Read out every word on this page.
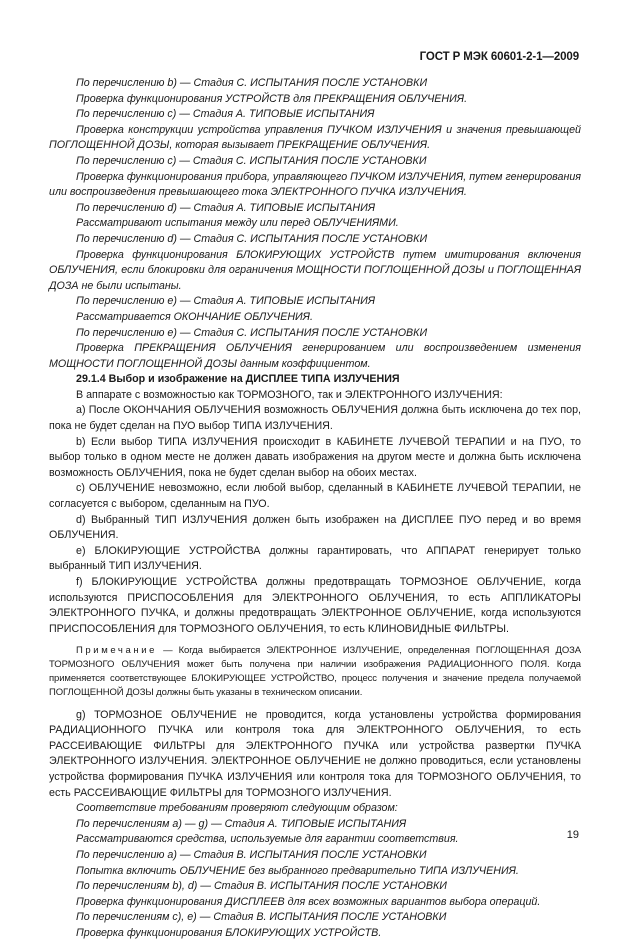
ГОСТ Р МЭК 60601-2-1—2009

По перечислению b) — Стадия С. ИСПЫТАНИЯ ПОСЛЕ УСТАНОВКИ

Проверка функционирования УСТРОЙСТВ для ПРЕКРАЩЕНИЯ ОБЛУЧЕНИЯ.

По перечислению c) — Стадия А. ТИПОВЫЕ ИСПЫТАНИЯ

Проверка конструкции устройства управления ПУЧКОМ ИЗЛУЧЕНИЯ и значения превышающей ПОГЛОЩЕННОЙ ДОЗЫ, которая вызывает ПРЕКРАЩЕНИЕ ОБЛУЧЕНИЯ.

По перечислению c) — Стадия С. ИСПЫТАНИЯ ПОСЛЕ УСТАНОВКИ

Проверка функционирования прибора, управляющего ПУЧКОМ ИЗЛУЧЕНИЯ, путем генерирования или воспроизведения превышающего тока ЭЛЕКТРОННОГО ПУЧКА ИЗЛУЧЕНИЯ.

По перечислению d) — Стадия А. ТИПОВЫЕ ИСПЫТАНИЯ

Рассматривают испытания между или перед ОБЛУЧЕНИЯМИ.

По перечислению d) — Стадия С. ИСПЫТАНИЯ ПОСЛЕ УСТАНОВКИ

Проверка функционирования БЛОКИРУЮЩИХ УСТРОЙСТВ путем имитирования включения ОБЛУЧЕНИЯ, если блокировки для ограничения МОЩНОСТИ ПОГЛОЩЕННОЙ ДОЗЫ и ПОГЛОЩЕННАЯ ДОЗА не были испытаны.

По перечислению e) — Стадия А. ТИПОВЫЕ ИСПЫТАНИЯ

Рассматривается ОКОНЧАНИЕ ОБЛУЧЕНИЯ.

По перечислению e) — Стадия С. ИСПЫТАНИЯ ПОСЛЕ УСТАНОВКИ

Проверка ПРЕКРАЩЕНИЯ ОБЛУЧЕНИЯ генерированием или воспроизведением изменения МОЩНОСТИ ПОГЛОЩЕННОЙ ДОЗЫ данным коэффициентом.

29.1.4 Выбор и изображение на ДИСПЛЕЕ ТИПА ИЗЛУЧЕНИЯ

В аппарате с возможностью как ТОРМОЗНОГО, так и ЭЛЕКТРОННОГО ИЗЛУЧЕНИЯ:

a) После ОКОНЧАНИЯ ОБЛУЧЕНИЯ возможность ОБЛУЧЕНИЯ должна быть исключена до тех пор, пока не будет сделан на ПУО выбор ТИПА ИЗЛУЧЕНИЯ.

b) Если выбор ТИПА ИЗЛУЧЕНИЯ происходит в КАБИНЕТЕ ЛУЧЕВОЙ ТЕРАПИИ и на ПУО, то выбор только в одном месте не должен давать изображения на другом месте и должна быть исключена возможность ОБЛУЧЕНИЯ, пока не будет сделан выбор на обоих местах.

c) ОБЛУЧЕНИЕ невозможно, если любой выбор, сделанный в КАБИНЕТЕ ЛУЧЕВОЙ ТЕРАПИИ, не согласуется с выбором, сделанным на ПУО.

d) Выбранный ТИП ИЗЛУЧЕНИЯ должен быть изображен на ДИСПЛЕЕ ПУО перед и во время ОБЛУЧЕНИЯ.

e) БЛОКИРУЮЩИЕ УСТРОЙСТВА должны гарантировать, что АППАРАТ генерирует только выбранный ТИП ИЗЛУЧЕНИЯ.

f) БЛОКИРУЮЩИЕ УСТРОЙСТВА должны предотвращать ТОРМОЗНОЕ ОБЛУЧЕНИЕ, когда используются ПРИСПОСОБЛЕНИЯ для ЭЛЕКТРОННОГО ОБЛУЧЕНИЯ, то есть АППЛИКАТОРЫ ЭЛЕКТРОННОГО ПУЧКА, и должны предотвращать ЭЛЕКТРОННОЕ ОБЛУЧЕНИЕ, когда используются ПРИСПОСОБЛЕНИЯ для ТОРМОЗНОГО ОБЛУЧЕНИЯ, то есть КЛИНОВИДНЫЕ ФИЛЬТРЫ.

Примечание — Когда выбирается ЭЛЕКТРОННОЕ ИЗЛУЧЕНИЕ, определенная ПОГЛОЩЕННАЯ ДОЗА ТОРМОЗНОГО ОБЛУЧЕНИЯ может быть получена при наличии изображения РАДИАЦИОННОГО ПОЛЯ. Когда применяется соответствующее БЛОКИРУЮЩЕЕ УСТРОЙСТВО, процесс получения и значение предела получаемой ПОГЛОЩЕННОЙ ДОЗЫ должны быть указаны в техническом описании.

g) ТОРМОЗНОЕ ОБЛУЧЕНИЕ не проводится, когда установлены устройства формирования РАДИАЦИОННОГО ПУЧКА или контроля тока для ЭЛЕКТРОННОГО ОБЛУЧЕНИЯ, то есть РАССЕИВАЮЩИЕ ФИЛЬТРЫ для ЭЛЕКТРОННОГО ПУЧКА или устройства развертки ПУЧКА ЭЛЕКТРОННОГО ИЗЛУЧЕНИЯ. ЭЛЕКТРОННОЕ ОБЛУЧЕНИЕ не должно проводиться, если установлены устройства формирования ПУЧКА ИЗЛУЧЕНИЯ или контроля тока для ТОРМОЗНОГО ОБЛУЧЕНИЯ, то есть РАССЕИВАЮЩИЕ ФИЛЬТРЫ для ТОРМОЗНОГО ИЗЛУЧЕНИЯ.

Соответствие требованиям проверяют следующим образом:

По перечислениям a) — g) — Стадия А. ТИПОВЫЕ ИСПЫТАНИЯ

Рассматриваются средства, используемые для гарантии соответствия.

По перечислению a) — Стадия В. ИСПЫТАНИЯ ПОСЛЕ УСТАНОВКИ

Попытка включить ОБЛУЧЕНИЕ без выбранного предварительно ТИПА ИЗЛУЧЕНИЯ.

По перечислениям b), d) — Стадия В. ИСПЫТАНИЯ ПОСЛЕ УСТАНОВКИ

Проверка функционирования ДИСПЛЕЕВ для всех возможных вариантов выбора операций.

По перечислениям c), e) — Стадия В. ИСПЫТАНИЯ ПОСЛЕ УСТАНОВКИ

Проверка функционирования БЛОКИРУЮЩИХ УСТРОЙСТВ.

19
